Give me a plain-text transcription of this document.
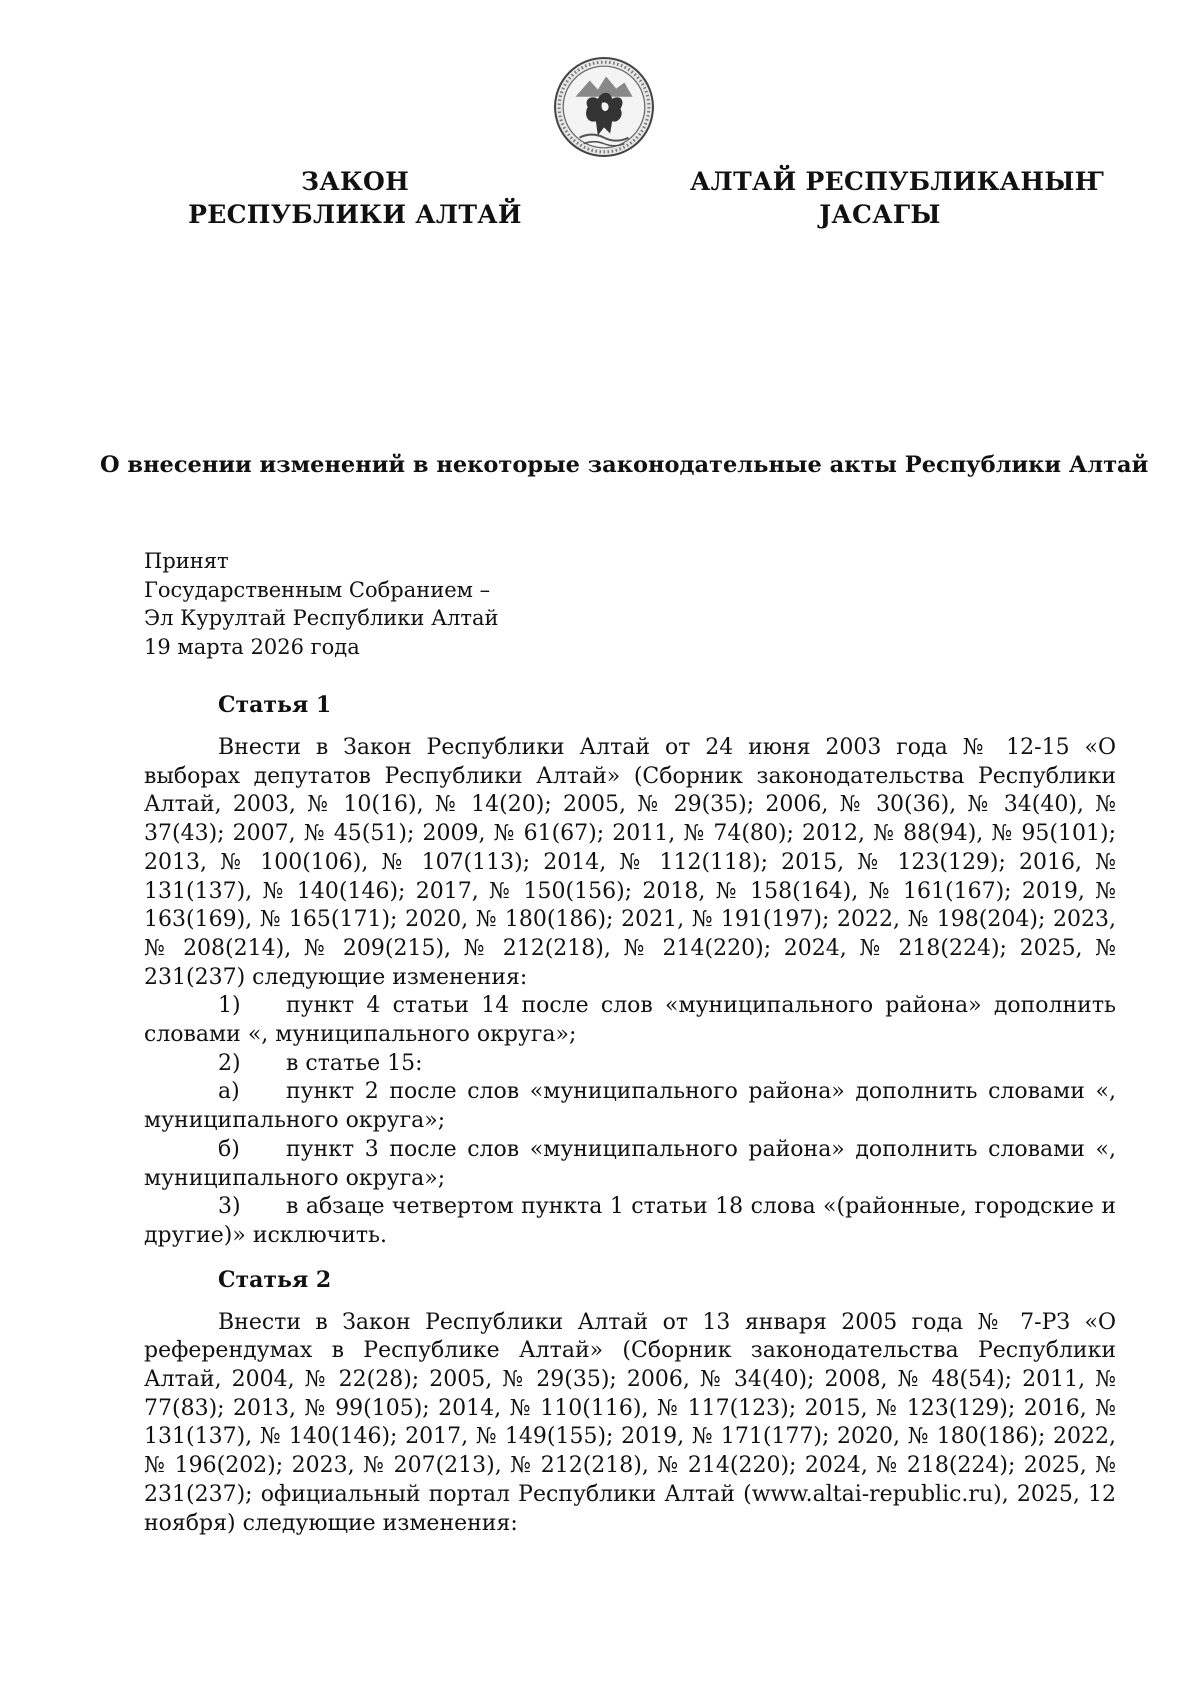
ЗАКОН
РЕСПУБЛИКИ АЛТАЙ
АЛТАЙ РЕСПУБЛИКАНЫҤ
ЈАСАГЫ
О внесении изменений в некоторые законодательные акты Республики Алтай
Принят
Государственным Собранием –
Эл Курултай Республики Алтай
19 марта 2026 года
Статья 1

Внести в Закон Республики Алтай от 24 июня 2003 года № 12-15 «О выборах депутатов Республики Алтай» (Сборник законодательства Республики Алтай, 2003, № 10(16), № 14(20); 2005, № 29(35); 2006, № 30(36), № 34(40), № 37(43); 2007, № 45(51); 2009, № 61(67); 2011, № 74(80); 2012, № 88(94), № 95(101); 2013, № 100(106), № 107(113); 2014, № 112(118); 2015, № 123(129); 2016, № 131(137), № 140(146); 2017, № 150(156); 2018, № 158(164), № 161(167); 2019, № 163(169), № 165(171); 2020, № 180(186); 2021, № 191(197); 2022, № 198(204); 2023, № 208(214), № 209(215), № 212(218), № 214(220); 2024, № 218(224); 2025, № 231(237) следующие изменения:

1) пункт 4 статьи 14 после слов «муниципального района» дополнить словами «, муниципального округа»;

2) в статье 15:

а) пункт 2 после слов «муниципального района» дополнить словами «, муниципального округа»;

б) пункт 3 после слов «муниципального района» дополнить словами «, муниципального округа»;

3) в абзаце четвертом пункта 1 статьи 18 слова «(районные, городские и другие)» исключить.

Статья 2

Внести в Закон Республики Алтай от 13 января 2005 года № 7-РЗ «О референдумах в Республике Алтай» (Сборник законодательства Республики Алтай, 2004, № 22(28); 2005, № 29(35); 2006, № 34(40); 2008, № 48(54); 2011, № 77(83); 2013, № 99(105); 2014, № 110(116), № 117(123); 2015, № 123(129); 2016, № 131(137), № 140(146); 2017, № 149(155); 2019, № 171(177); 2020, № 180(186); 2022, № 196(202); 2023, № 207(213), № 212(218), № 214(220); 2024, № 218(224); 2025, № 231(237); официальный портал Республики Алтай (www.altai-republic.ru), 2025, 12 ноября) следующие изменения:
